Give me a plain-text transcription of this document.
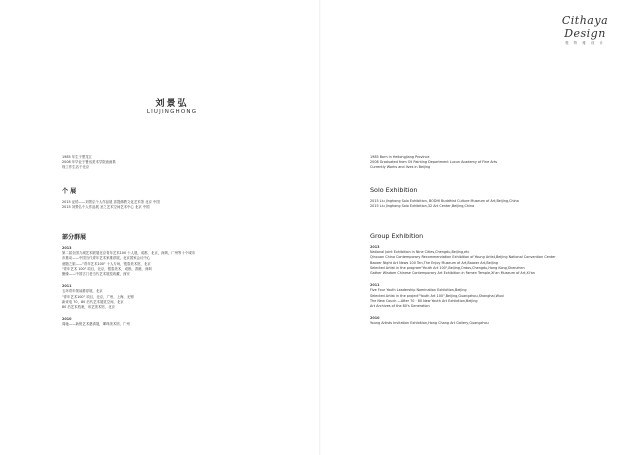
Cithaya Design
观 特 雅 设 计
刘景弘
LIUJINGHONG
1985 年生于黑龙江
2008 年毕业于鲁迅美术学院油画系
现工作生活于北京
个 展
2015 证悟——刘景弘个人作品展 菩提佛教文化艺术馆 北京 中国
2015 刘景弘个人作品展 圣之艺术空间艺术中心 北京 中国
部分群展
2013
第二届全国九城艺术联展北京青年艺术100 十人展，成都，北京，深圳，广州等十个城市
市推动——中国当代青年艺术家推荐展，北京国家会议中心
意随之旅——"青年艺术100" 十人专场，银泰美术馆，北京
"青年艺术 100" 项目，北京，银泰美术，成都，香港，深圳
聚缘——中国古门老当代艺术展览收藏，西安
2011
五环青年领袖推荐展，北京
"青年艺术100" 项目，北京，广州，上海，无锡
新来电 70，80 后代艺术展览空间，北京
80 后艺术档案，帝艺美术馆，北京
2010
周驰——新锐艺术邀请展，琿珠美术馆，广州
1985 Born in Heilongjiang Province
2008 Graduated from Oil Painting Department Luxun Academy of Fine Arts
Currently Works and lives in Beijing
Solo Exhibition
2015 Liu Jinghong Solo Exhibition, BODHI Buddhist Culture Museum of Art,Beijing,China
2015 Liu Jinghong Solo Exhibition,32 Art Center,Beijing,China
Group Exhibition
2013
National Joint Exhibition in Nine Cities,Chengdu,Beijing,etc
Qinxuan China Contemporary Recommendation Exhibition of Young Artist,Beijing National Convention Center
Baoxer Night Art News 100 Ten,The Enjoy Museum of Art,Baoxer Art,Beijing
Selected Artist in the program"Youth Art 100",Beijing,Ordos,Chengdu,Hong Kong,Shenzhen
Gather Wisdom Chinese Contemporary Art Exhibition in Famen Temple,Xi'an Museum of Art,Xi'an
2011
Five Four Youth Leadership Nomination Exhibition,Beijing
Selected Artist in the project"Youth Art 100",Beijing,Guangzhou,Shanghai,Wuxi
The New Couch —After 70 · 80 New Youth Art Exhibition,Beijing
Art Archives of the 80's Generation
2010
Young Artists Invitation Exhibition,Hong Chang Art Gallery,Guangzhou
